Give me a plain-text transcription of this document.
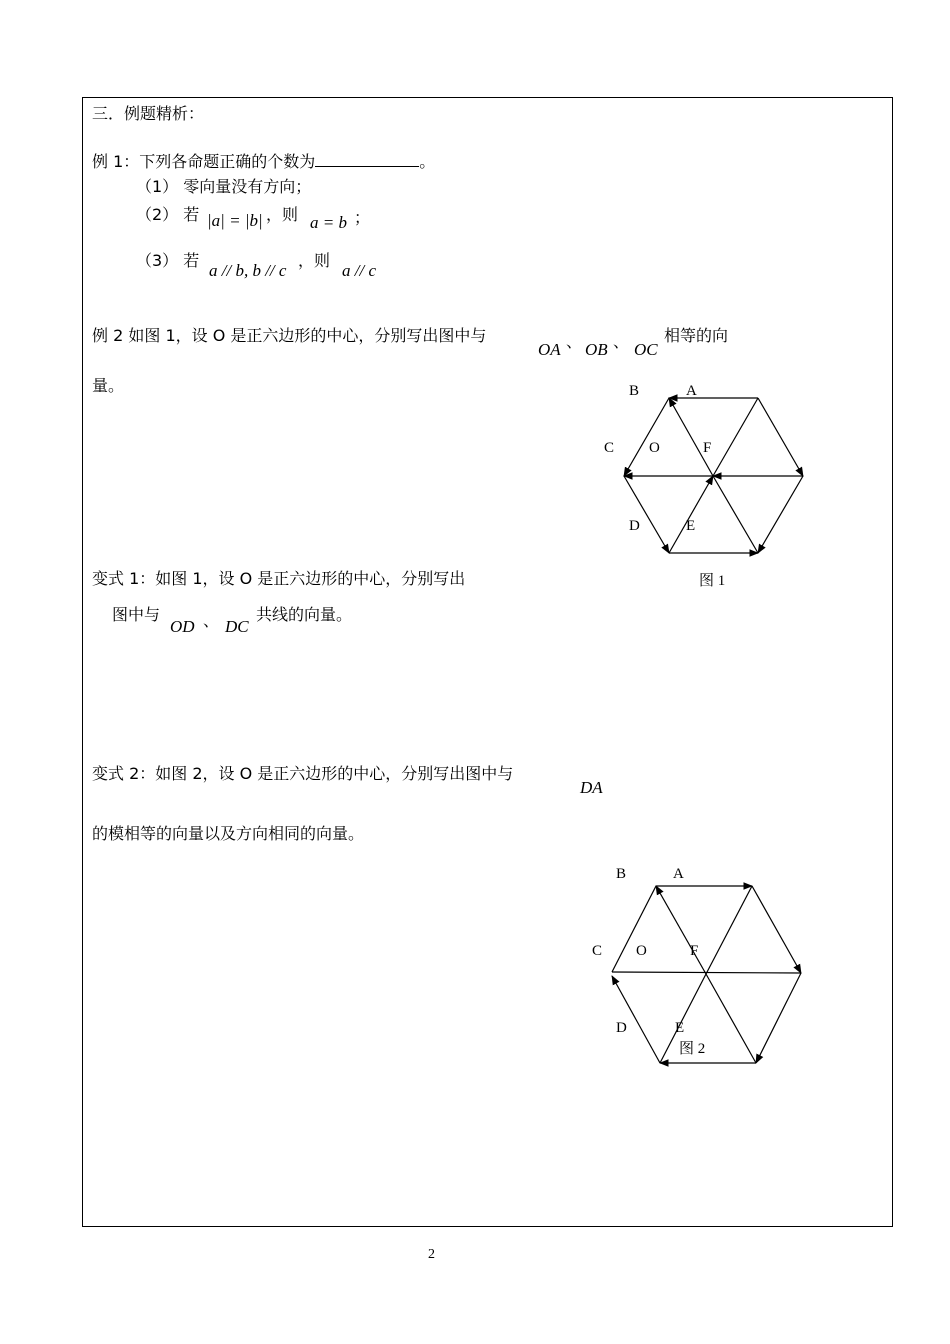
三．例题精析：
例 1：下列各命题正确的个数为	。
（1） 零向量没有方向；
（2） 若 |a| = |b| ，则 a = b ；
（3） 若
a // b, b // c
，则
a // c
例 2 如图 1，设 O 是正六边形的中心，分别写出图中与
OA 、 OB 、 OC
相等的向
量。	B	A
C O	F
D	E
图 1
变式 1：如图 1，设 O 是正六边形的中心，分别写出
图中与
OD 、 DC
共线的向量。
变式 2：如图 2，设 O 是正六边形的中心，分别写出图中与
DA
的模相等的向量以及方向相同的向量。
B	A
C O	F
D	E
图 2
2
